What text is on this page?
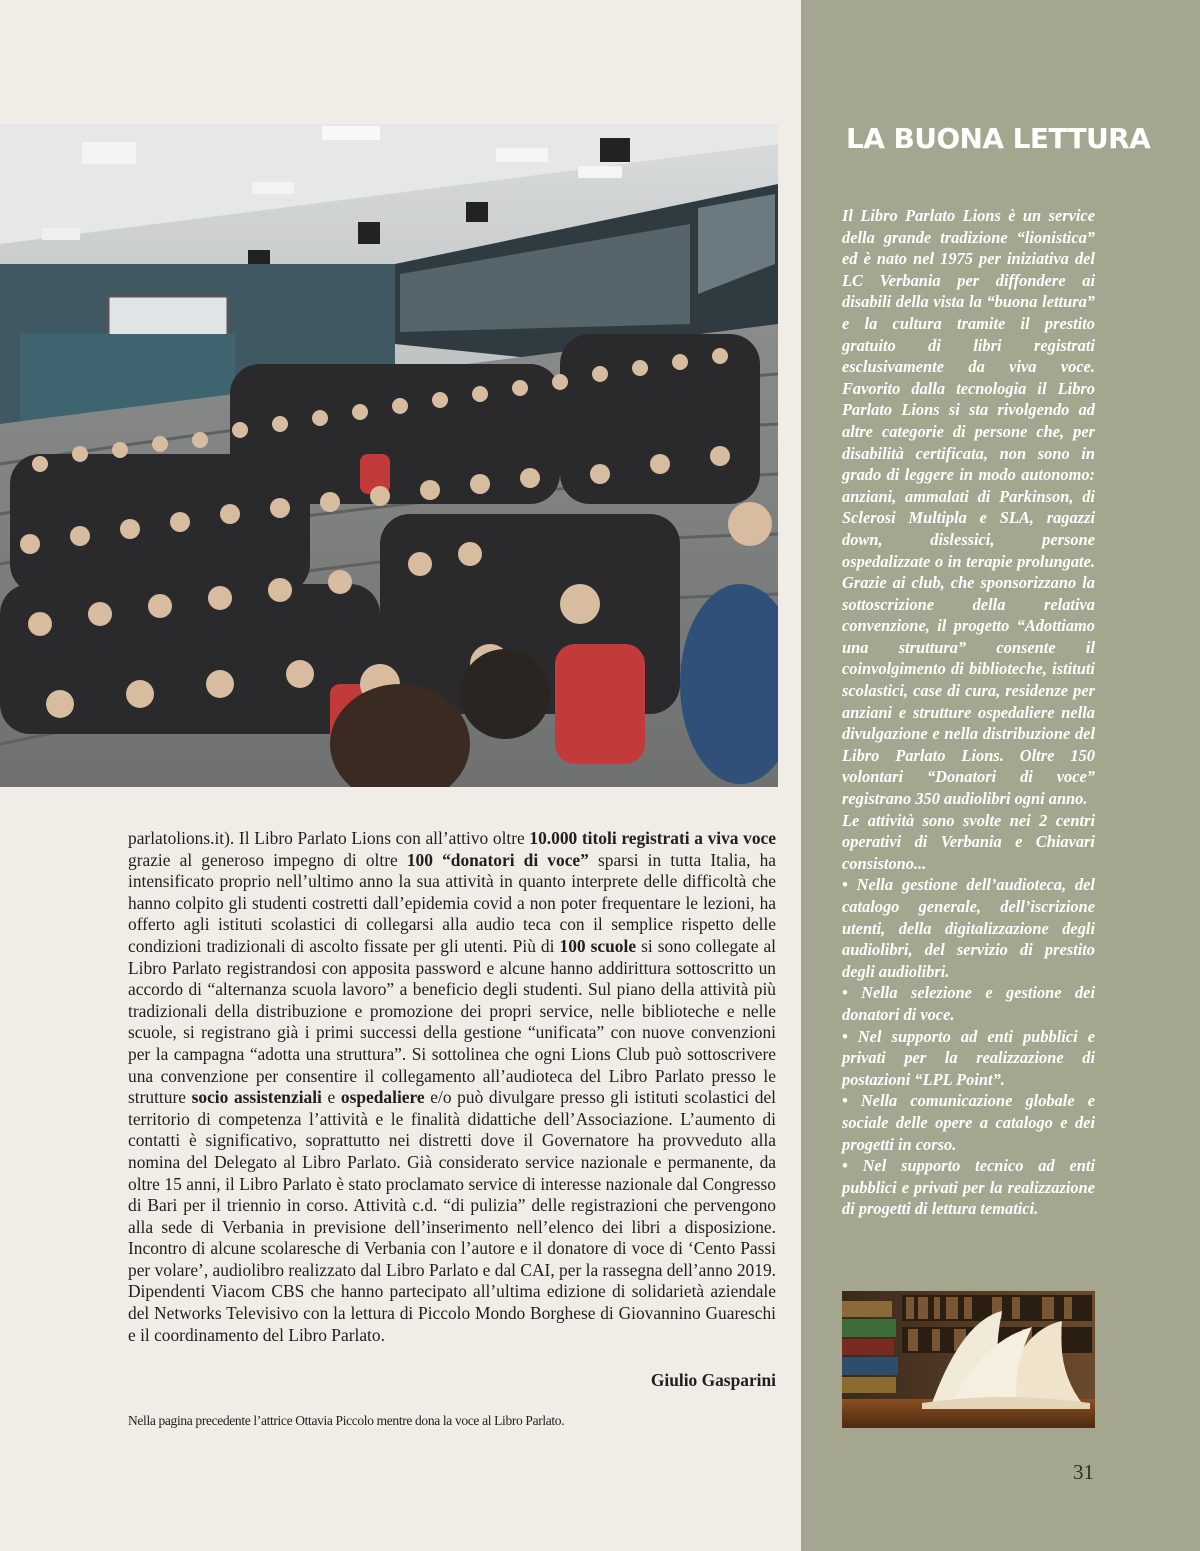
parlatolions.it). Il Libro Parlato Lions con all’attivo oltre 10.000 titoli registrati a viva voce grazie al generoso impegno di oltre 100 “donatori di voce” sparsi in tutta Italia, ha intensificato proprio nell’ultimo anno la sua attività in quanto interprete delle difficoltà che hanno colpito gli studenti costretti dall’epidemia covid a non poter frequentare le lezioni, ha offerto agli istituti scolastici di collegarsi alla audio teca con il semplice rispetto delle condizioni tradizionali di ascolto fissate per gli utenti. Più di 100 scuole si sono collegate al Libro Parlato registrandosi con apposita password e alcune hanno addirittura sottoscritto un accordo di “alternanza scuola lavoro” a beneficio degli studenti. Sul piano della attività più tradizionali della distribuzione e promozione dei propri service, nelle biblioteche e nelle scuole, si registrano già i primi successi della gestione “unificata” con nuove convenzioni per la campagna “adotta una struttura”. Si sottolinea che ogni Lions Club può sottoscrivere una convenzione per consentire il collegamento all’audioteca del Libro Parlato presso le strutture socio assistenziali e ospedaliere e/o può divulgare presso gli istituti scolastici del territorio di competenza l’attività e le finalità didattiche dell’Associazione. L’aumento di contatti è significativo, soprattutto nei distretti dove il Governatore ha provveduto alla nomina del Delegato al Libro Parlato. Già considerato service nazionale e permanente, da oltre 15 anni, il Libro Parlato è stato proclamato service di interesse nazionale dal Congresso di Bari per il triennio in corso. Attività c.d. “di pulizia” delle registrazioni che pervengono alla sede di Verbania in previsione dell’inserimento nell’elenco dei libri a disposizione. Incontro di alcune scolaresche di Verbania con l’autore e il donatore di voce di ‘Cento Passi per volare’, audiolibro realizzato dal Libro Parlato e dal CAI, per la rassegna dell’anno 2019. Dipendenti Viacom CBS che hanno partecipato all’ultima edizione di solidarietà aziendale del Networks Televisivo con la lettura di Piccolo Mondo Borghese di Giovannino Guareschi e il coordinamento del Libro Parlato.

Giulio Gasparini
Nella pagina precedente l’attrice Ottavia Piccolo mentre dona la voce al Libro Parlato.
LA BUONA LETTURA

Il Libro Parlato Lions è un service della grande tradizione “lionistica” ed è nato nel 1975 per iniziativa del LC Verbania per diffondere ai disabili della vista la “buona lettura” e la cultura tramite il prestito gratuito di libri registrati esclusivamente da viva voce. Favorito dalla tecnologia il Libro Parlato Lions si sta rivolgendo ad altre categorie di persone che, per disabilità certificata, non sono in grado di leggere in modo autonomo: anziani, ammalati di Parkinson, di Sclerosi Multipla e SLA, ragazzi down, dislessici, persone ospedalizzate o in terapie prolungate. Grazie ai club, che sponsorizzano la sottoscrizione della relativa convenzione, il progetto “Adottiamo una struttura” consente il coinvolgimento di biblioteche, istituti scolastici, case di cura, residenze per anziani e strutture ospedaliere nella divulgazione e nella distribuzione del Libro Parlato Lions. Oltre 150 volontari “Donatori di voce” registrano 350 audiolibri ogni anno.

Le attività sono svolte nei 2 centri operativi di Verbania e Chiavari consistono...

• Nella gestione dell’audioteca, del catalogo generale, dell’iscrizione utenti, della digitalizzazione degli audiolibri, del servizio di prestito degli audiolibri.

• Nella selezione e gestione dei donatori di voce.

• Nel supporto ad enti pubblici e privati per la realizzazione di postazioni “LPL Point”.

• Nella comunicazione globale e sociale delle opere a catalogo e dei progetti in corso.

• Nel supporto tecnico ad enti pubblici e privati per la realizzazione di progetti di lettura tematici.

31
